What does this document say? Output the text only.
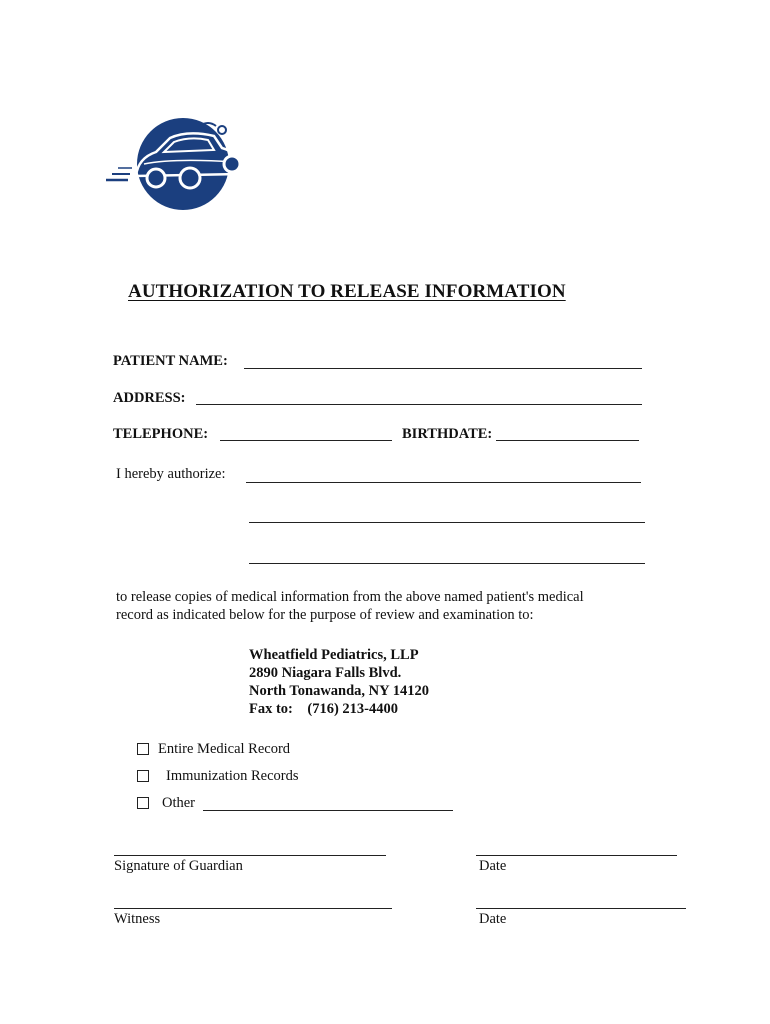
AUTHORIZATION TO RELEASE INFORMATION
PATIENT NAME:
ADDRESS:
TELEPHONE:	BIRTHDATE:
I hereby authorize:
to release copies of medical information from the above named patient's medical
record as indicated below for the purpose of review and examination to:
Wheatfield Pediatrics, LLP
2890 Niagara Falls Blvd.
North Tonawanda, NY 14120
Fax to:    (716) 213-4400
Entire Medical Record
Immunization Records
Other
Signature of Guardian	Date
Witness	Date
